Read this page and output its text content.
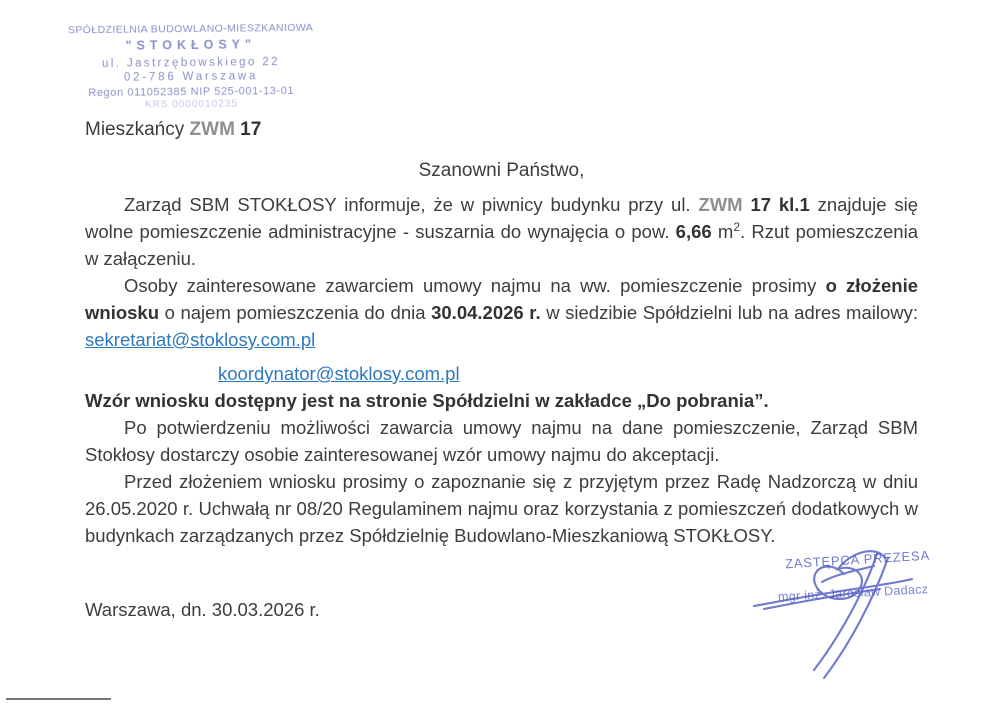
SPÓŁDZIELNIA BUDOWLANO-MIESZKANIOWA
"STOKŁOSY"
ul. Jastrzębowskiego 22
02-786 Warszawa
Regon 011052385 NIP 525-001-13-01
KRS 0000010235

Mieszkańcy ZWM 17

Szanowni Państwo,

Zarząd SBM STOKŁOSY informuje, że w piwnicy budynku przy ul. ZWM 17 kl.1 znajduje się wolne pomieszczenie administracyjne - suszarnia do wynajęcia o pow. 6,66 $m^2$. Rzut pomieszczenia w załączeniu.

Osoby zainteresowane zawarciem umowy najmu na ww. pomieszczenie prosimy o złożenie wniosku o najem pomieszczenia do dnia 30.04.2026 r. w siedzibie Spółdzielni lub na adres mailowy: sekretariat@stoklosy.com.pl

koordynator@stoklosy.com.pl

Wzór wniosku dostępny jest na stronie Spółdzielni w zakładce „Do pobrania”.

Po potwierdzeniu możliwości zawarcia umowy najmu na dane pomieszczenie, Zarząd SBM Stokłosy dostarczy osobie zainteresowanej wzór umowy najmu do akceptacji.

Przed złożeniem wniosku prosimy o zapoznanie się z przyjętym przez Radę Nadzorczą w dniu 26.05.2020 r. Uchwałą nr 08/20 Regulaminem najmu oraz korzystania z pomieszczeń dodatkowych w budynkach zarządzanych przez Spółdzielnię Budowlano-Mieszkaniową STOKŁOSY.

Warszawa, dn. 30.03.2026 r.

ZASTĘPCA PREZESA
mgr inż. Jarosław Dadacz
